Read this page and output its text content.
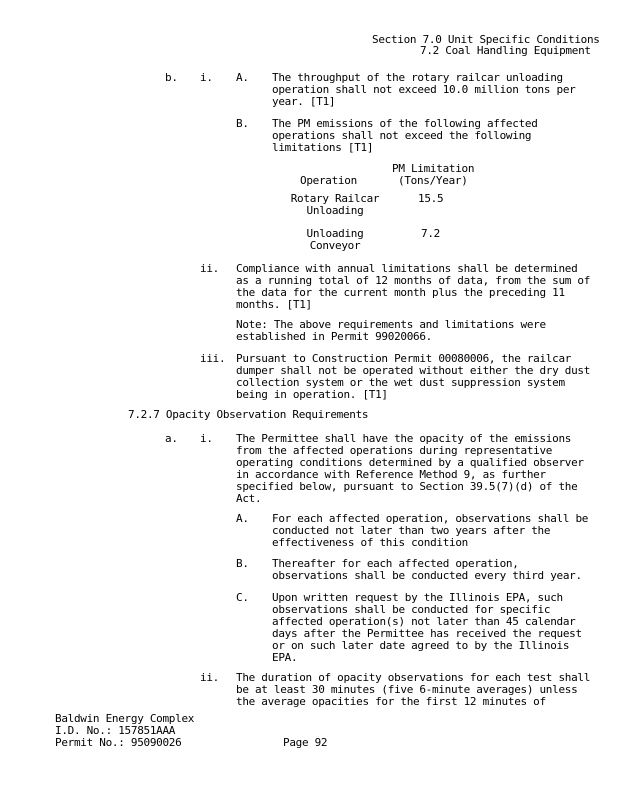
Section 7.0 Unit Specific Conditions
7.2 Coal Handling Equipment
b. i. A. The throughput of the rotary railcar unloading
operation shall not exceed 10.0 million tons per
year. [T1]
B. The PM emissions of the following affected
operations shall not exceed the following
limitations [T1]
PM Limitation
(Tons/Year)
Operation
Rotary Railcar
Unloading
15.5
Unloading
Conveyor
7.2
ii. Compliance with annual limitations shall be determined
as a running total of 12 months of data, from the sum of
the data for the current month plus the preceding 11
months. [T1]
Note: The above requirements and limitations were
established in Permit 99020066.
iii. Pursuant to Construction Permit 00080006, the railcar
dumper shall not be operated without either the dry dust
collection system or the wet dust suppression system
being in operation. [T1]
7.2.7 Opacity Observation Requirements
a. i. The Permittee shall have the opacity of the emissions
from the affected operations during representative
operating conditions determined by a qualified observer
in accordance with Reference Method 9, as further
specified below, pursuant to Section 39.5(7)(d) of the
Act.
A. For each affected operation, observations shall be
conducted not later than two years after the
effectiveness of this condition
B. Thereafter for each affected operation,
observations shall be conducted every third year.
C. Upon written request by the Illinois EPA, such
observations shall be conducted for specific
affected operation(s) not later than 45 calendar
days after the Permittee has received the request
or on such later date agreed to by the Illinois
EPA.
ii. The duration of opacity observations for each test shall
be at least 30 minutes (five 6-minute averages) unless
the average opacities for the first 12 minutes of
Baldwin Energy Complex
I.D. No.: 157851AAA
Permit No.: 95090026	Page 92
